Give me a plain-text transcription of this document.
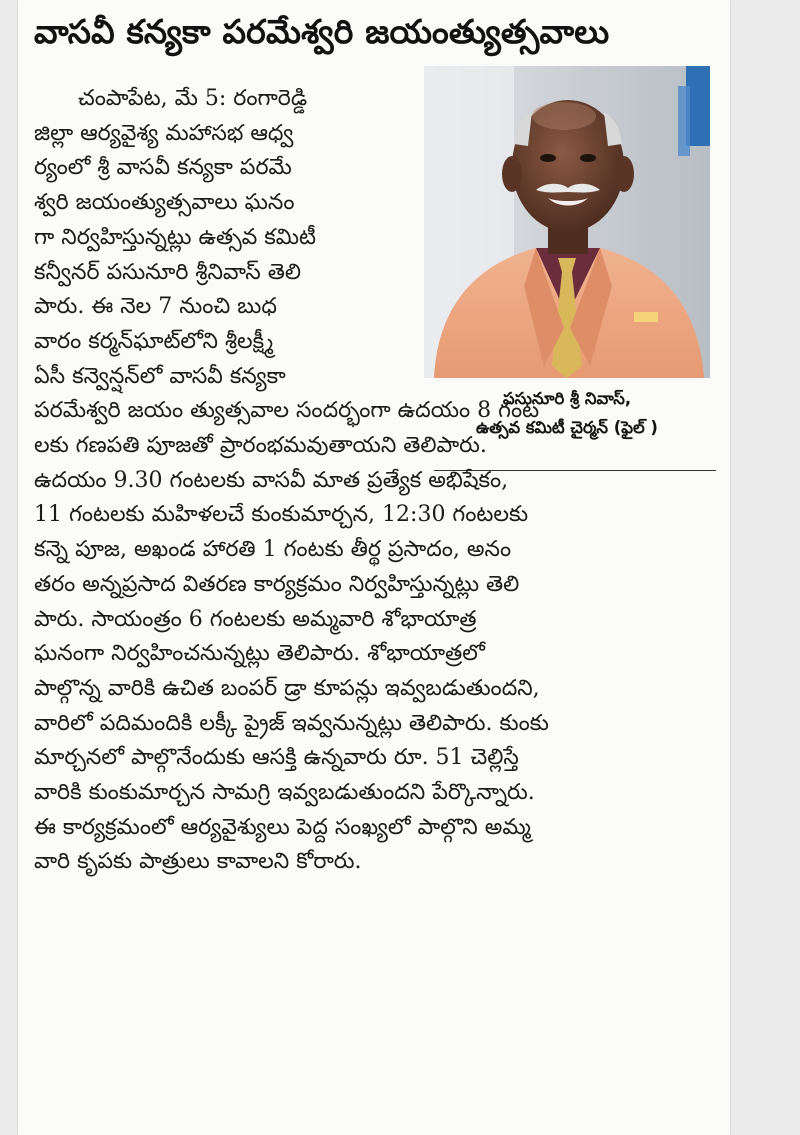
వాసవీ కన్యకా పరమేశ్వరి జయంత్యుత్సవాలు
పసునూరి శ్రీ నివాస్‌,
ఉత్సవ కమిటీ చైర్మన్‌ (ఫైల్‌ )
చంపాపేట, మే 5: రంగారెడ్డి
జిల్లా ఆర్యవైశ్య మహాసభ ఆధ్వ
ర్యంలో శ్రీ వాసవీ కన్యకా పరమే
శ్వరి జయంత్యుత్సవాలు ఘనం
గా నిర్వహిస్తున్నట్లు ఉత్సవ కమిటీ
కన్వీనర్‌ పసునూరి శ్రీనివాస్‌ తెలి
పారు. ఈ నెల 7 నుంచి బుధ
వారం కర్మన్‌ఘాట్‌లోని శ్రీలక్ష్మీ
ఏసీ కన్వెన్షన్‌లో వాసవీ కన్యకా
పరమేశ్వరి జయం త్యుత్సవాల సందర్భంగా ఉదయం 8 గంట
లకు గణపతి పూజతో ప్రారంభమవుతాయని తెలిపారు.
ఉదయం 9.30 గంటలకు వాసవీ మాత ప్రత్యేక అభిషేకం,
11 గంటలకు మహిళలచే కుంకుమార్చన, 12:30 గంటలకు
కన్నె పూజ, అఖండ హారతి 1 గంటకు తీర్థ ప్రసాదం, అనం
తరం అన్నప్రసాద వితరణ కార్యక్రమం నిర్వహిస్తున్నట్లు తెలి
పారు. సాయంత్రం 6 గంటలకు అమ్మవారి శోభాయాత్ర
ఘనంగా నిర్వహించనున్నట్లు తెలిపారు. శోభాయాత్రలో
పాల్గొన్న వారికి ఉచిత బంపర్‌ డ్రా కూపన్లు ఇవ్వబడుతుందని,
వారిలో పదిమందికి లక్కీ ప్రైజ్‌ ఇవ్వనున్నట్లు తెలిపారు. కుంకు
మార్చనలో పాల్గొనేందుకు ఆసక్తి ఉన్నవారు రూ. 51 చెల్లిస్తే
వారికి కుంకుమార్చన సామగ్రి ఇవ్వబడుతుందని పేర్కొన్నారు.
ఈ కార్యక్రమంలో ఆర్యవైశ్యులు పెద్ద సంఖ్యలో పాల్గొని అమ్మ
వారి కృపకు పాత్రులు కావాలని కోరారు.
